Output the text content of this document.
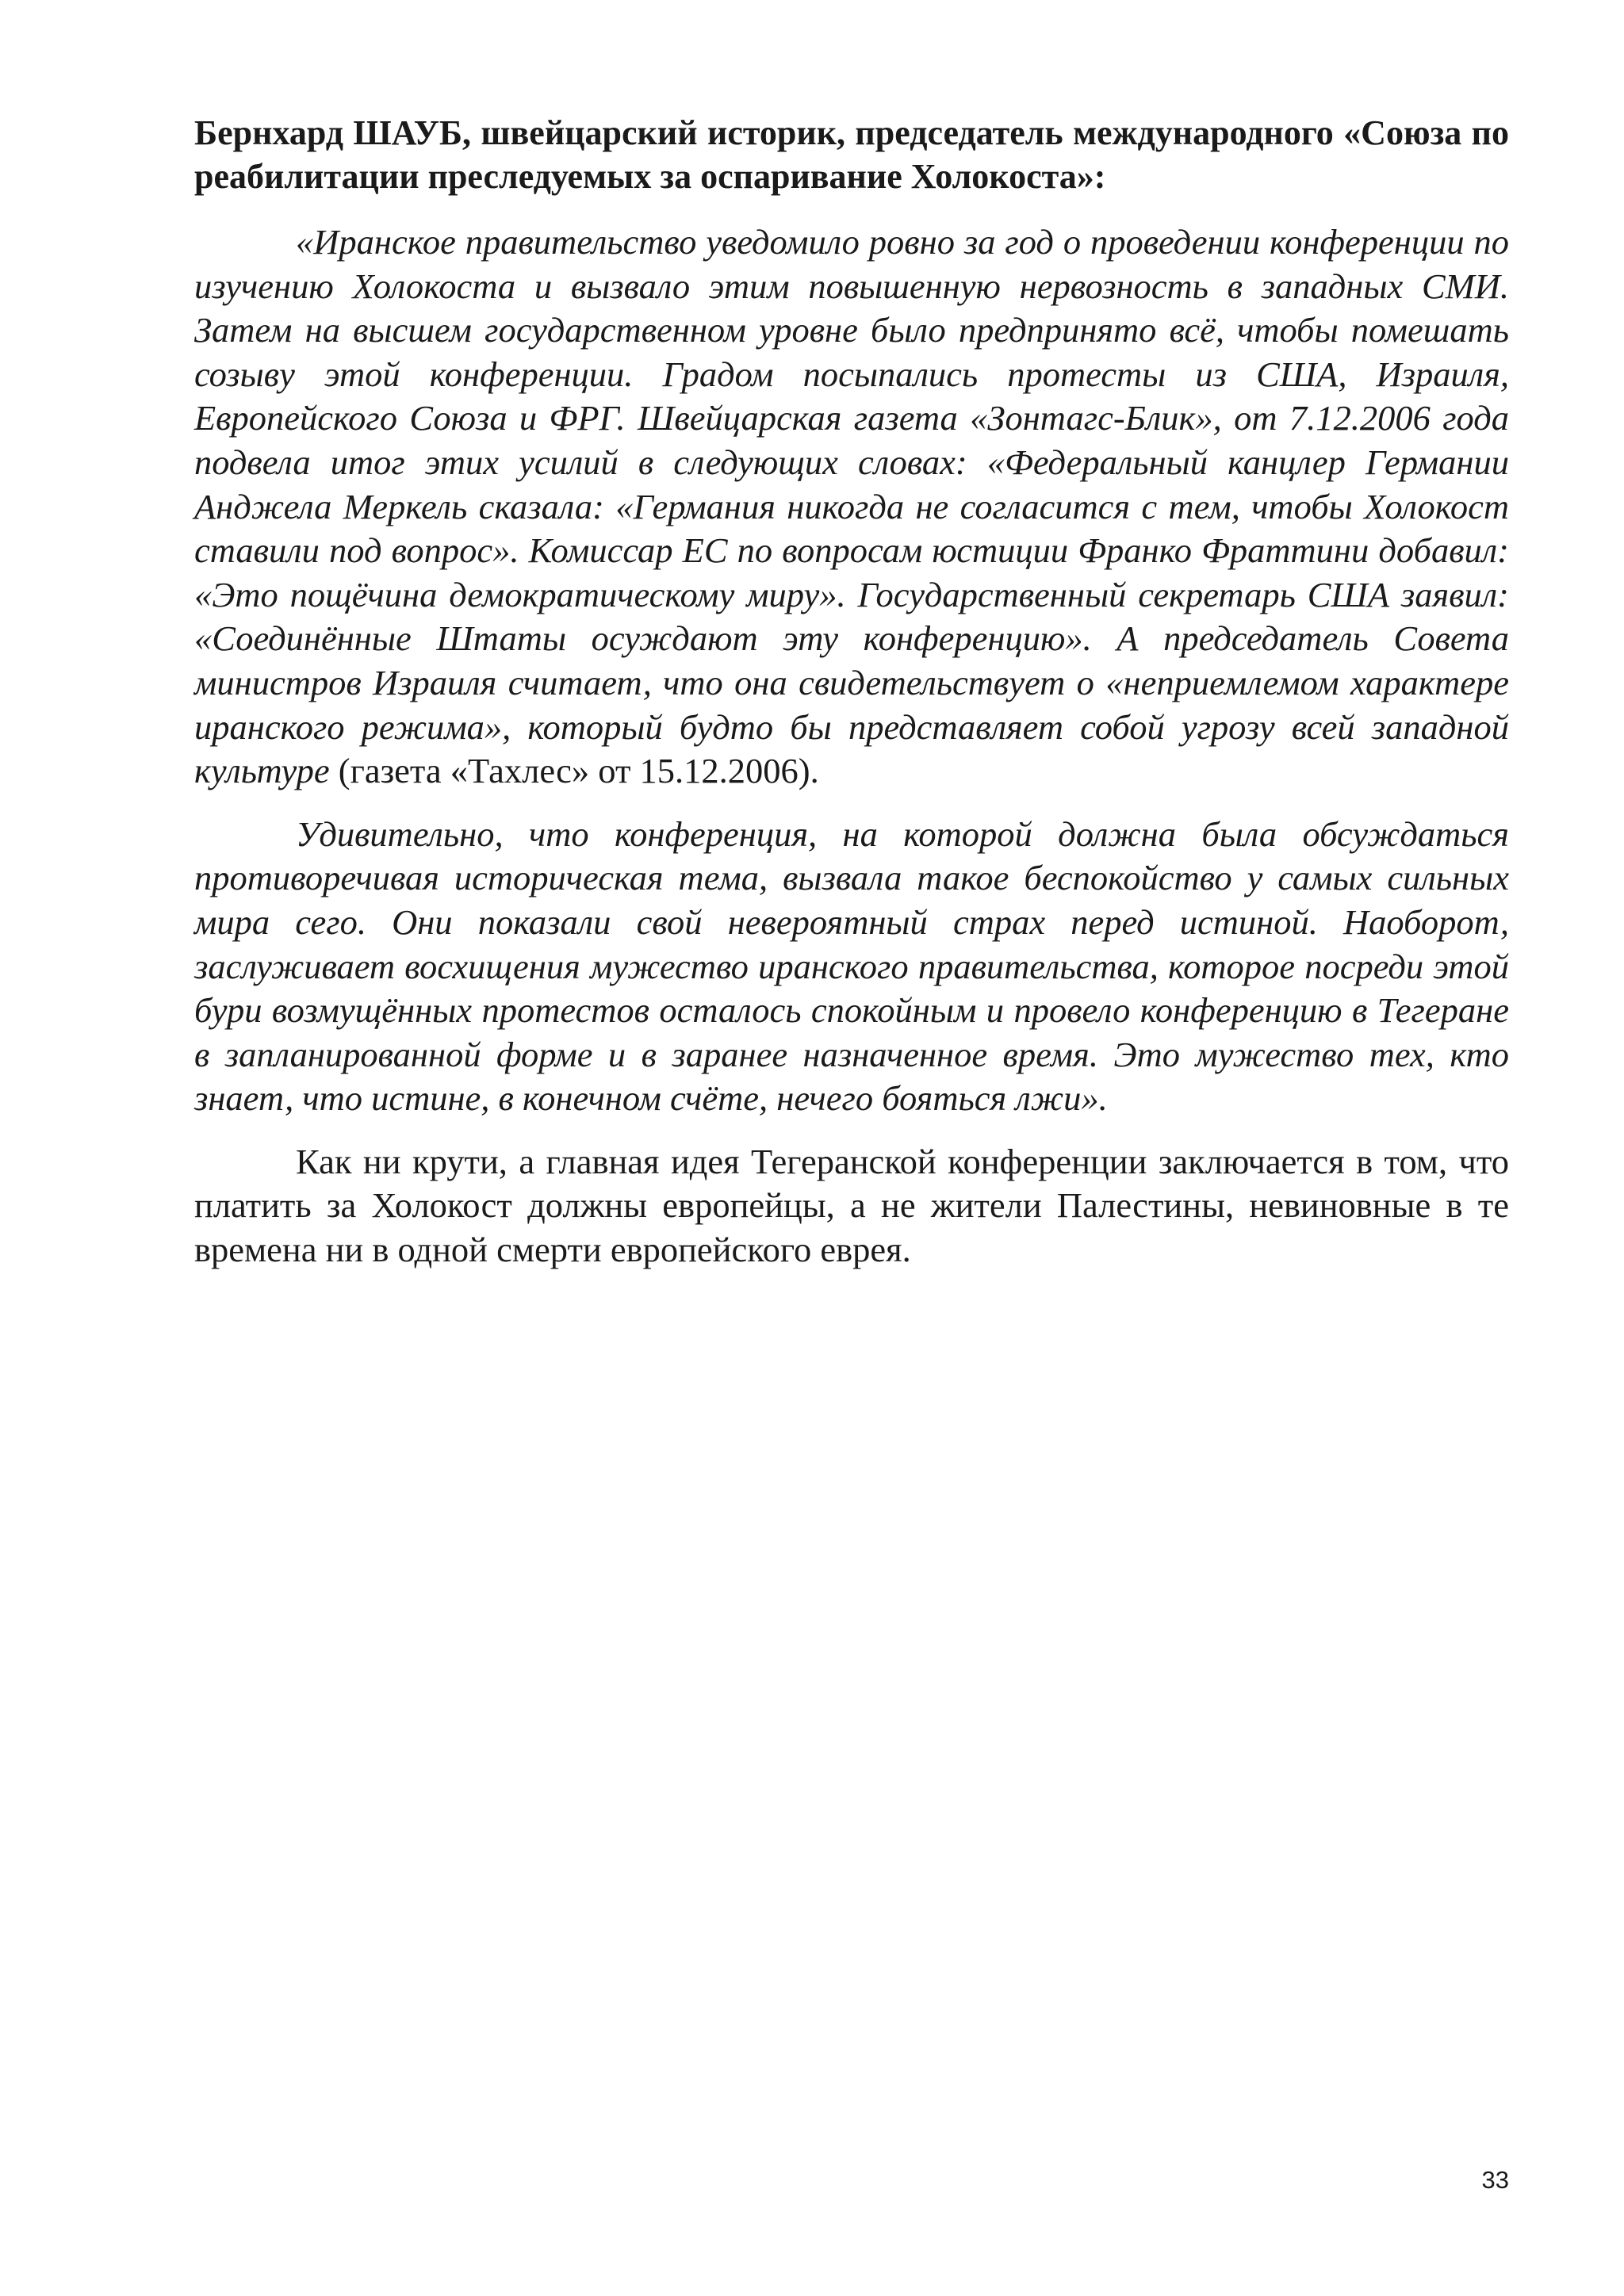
Бернхард ШАУБ, швейцарский историк, председатель международного «Союза по реабилитации преследуемых за оспаривание Холокоста»:

«Иранское правительство уведомило ровно за год о проведении конференции по изучению Холокоста и вызвало этим повышенную нервозность в западных СМИ. Затем на высшем государственном уровне было предпринято всё, чтобы помешать созыву этой конференции. Градом посыпались протесты из США, Израиля, Европейского Союза и ФРГ. Швейцарская газета «Зонтагс-Блик», от 7.12.2006 года подвела итог этих усилий в следующих словах: «Федеральный канцлер Германии Анджела Меркель сказала: «Германия никогда не согласится с тем, чтобы Холокост ставили под вопрос». Комиссар ЕС по вопросам юстиции Франко Фраттини добавил: «Это пощёчина демократическому миру». Государственный секретарь США заявил: «Соединённые Штаты осуждают эту конференцию». А председатель Совета министров Израиля считает, что она свидетельствует о «неприемлемом характере иранского режима», который будто бы представляет собой угрозу всей западной культуре (газета «Тахлес» от 15.12.2006).

Удивительно, что конференция, на которой должна была обсуждаться противоречивая историческая тема, вызвала такое беспокойство у самых сильных мира сего. Они показали свой невероятный страх перед истиной. Наоборот, заслуживает восхищения мужество иранского правительства, которое посреди этой бури возмущённых протестов осталось спокойным и провело конференцию в Тегеране в запланированной форме и в заранее назначенное время. Это мужество тех, кто знает, что истине, в конечном счёте, нечего бояться лжи».

Как ни крути, а главная идея Тегеранской конференции заключается в том, что платить за Холокост должны европейцы, а не жители Палестины, невиновные в те времена ни в одной смерти европейского еврея.

33
